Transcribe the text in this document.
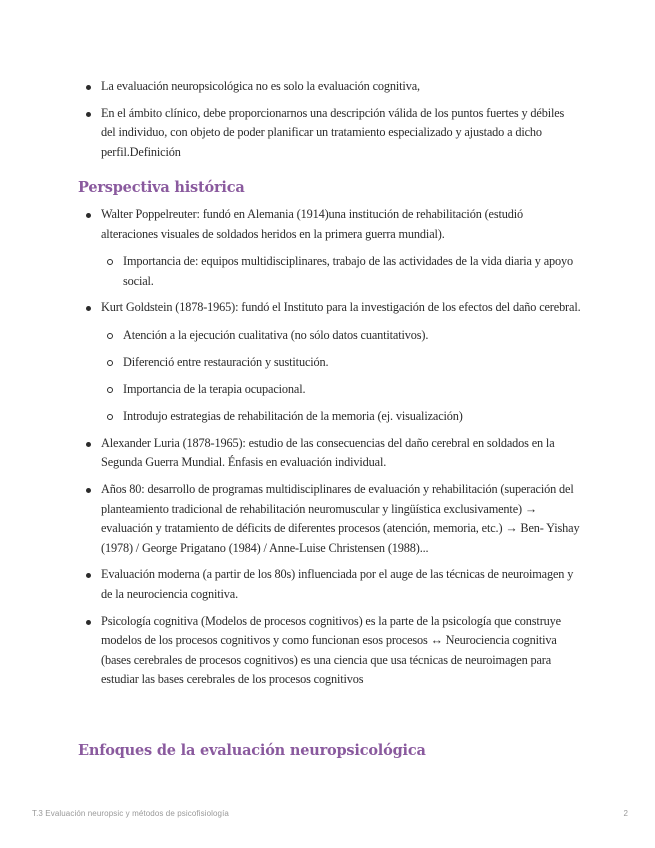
La evaluación neuropsicológica no es solo la evaluación cognitiva,
En el ámbito clínico, debe proporcionarnos una descripción válida de los puntos fuertes y débiles del individuo, con objeto de poder planificar un tratamiento especializado y ajustado a dicho perfil.Definición
Perspectiva histórica
Walter Poppelreuter: fundó en Alemania (1914)una institución de rehabilitación (estudió alteraciones visuales de soldados heridos en la primera guerra mundial).
Importancia de: equipos multidisciplinares, trabajo de las actividades de la vida diaria y apoyo social.
Kurt Goldstein (1878-1965): fundó el Instituto para la investigación de los efectos del daño cerebral.
Atención a la ejecución cualitativa (no sólo datos cuantitativos).
Diferenció entre restauración y sustitución.
Importancia de la terapia ocupacional.
Introdujo estrategias de rehabilitación de la memoria (ej. visualización)
Alexander Luria (1878-1965): estudio de las consecuencias del daño cerebral en soldados en la Segunda Guerra Mundial. Énfasis en evaluación individual.
Años 80: desarrollo de programas multidisciplinares de evaluación y rehabilitación (superación del planteamiento tradicional de rehabilitación neuromuscular y lingüística exclusivamente) → evaluación y tratamiento de déficits de diferentes procesos (atención, memoria, etc.) → Ben- Yishay (1978) / George Prigatano (1984) / Anne-Luise Christensen (1988)...
Evaluación moderna (a partir de los 80s) influenciada por el auge de las técnicas de neuroimagen y de la neurociencia cognitiva.
Psicología cognitiva (Modelos de procesos cognitivos) es la parte de la psicología que construye modelos de los procesos cognitivos y como funcionan esos procesos ↔ Neurociencia cognitiva (bases cerebrales de procesos cognitivos) es una ciencia que usa técnicas de neuroimagen para estudiar las bases cerebrales de los procesos cognitivos
Enfoques de la evaluación neuropsicológica
T.3 Evaluación neuropsic y métodos de psicofisiología	2
